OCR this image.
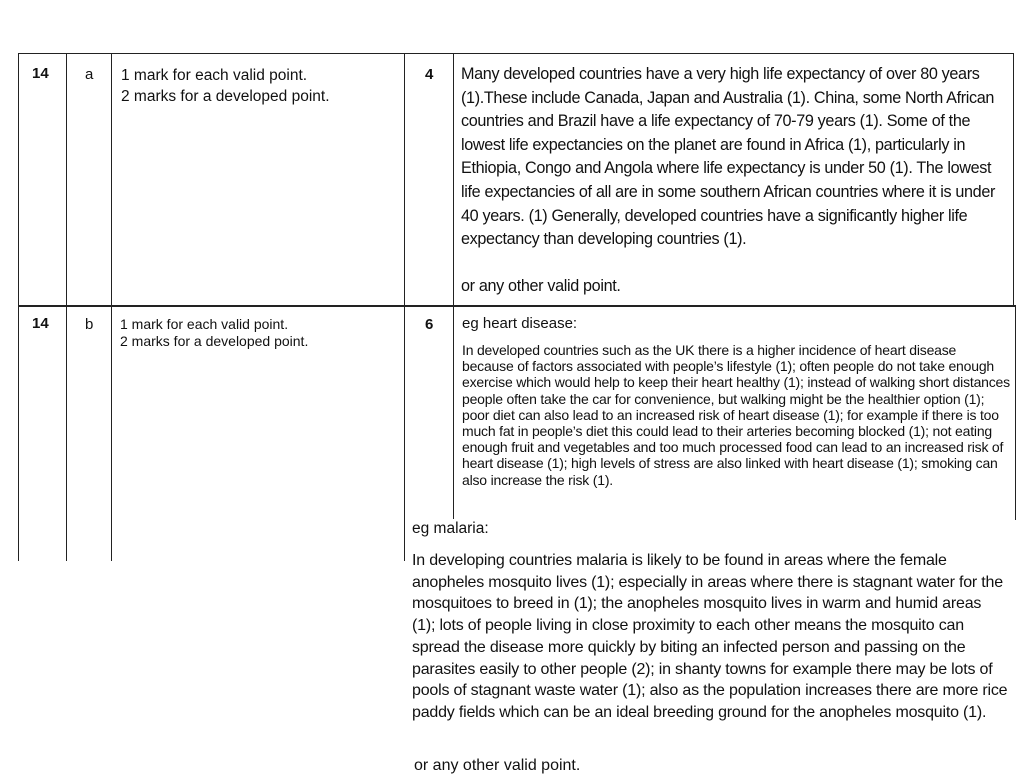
14 a 1 mark for each valid point.
2 marks for a developed point.
4 Many developed countries have a very high life expectancy of over 80 years (1).These include Canada, Japan and Australia (1). China, some North African countries and Brazil have a life expectancy of 70-79 years (1). Some of the lowest life expectancies on the planet are found in Africa (1), particularly in Ethiopia, Congo and Angola where life expectancy is under 50 (1). The lowest life expectancies of all are in some southern African countries where it is under 40 years. (1) Generally, developed countries have a significantly higher life expectancy than developing countries (1).

or any other valid point.

14 b 1 mark for each valid point.
2 marks for a developed point.
6 eg heart disease:
In developed countries such as the UK there is a higher incidence of heart disease because of factors associated with people’s lifestyle (1); often people do not take enough exercise which would help to keep their heart healthy (1); instead of walking short distances people often take the car for convenience, but walking might be the healthier option (1); poor diet can also lead to an increased risk of heart disease (1); for example if there is too much fat in people’s diet this could lead to their arteries becoming blocked (1); not eating enough fruit and vegetables and too much processed food can lead to an increased risk of heart disease (1); high levels of stress are also linked with heart disease (1); smoking can also increase the risk (1).
eg malaria:
In developing countries malaria is likely to be found in areas where the female anopheles mosquito lives (1); especially in areas where there is stagnant water for the mosquitoes to breed in (1); the anopheles mosquito lives in warm and humid areas (1); lots of people living in close proximity to each other means the mosquito can spread the disease more quickly by biting an infected person and passing on the parasites easily to other people (2); in shanty towns for example there may be lots of pools of stagnant waste water (1); also as the population increases there are more rice paddy fields which can be an ideal breeding ground for the anopheles mosquito (1).
or any other valid point.
